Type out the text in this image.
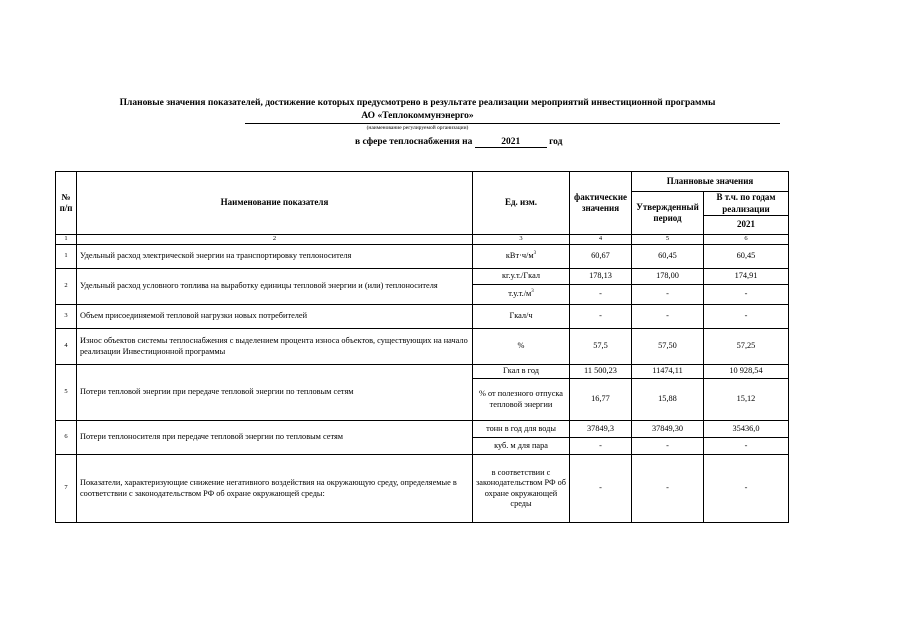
Плановые значения показателей, достижение которых предусмотрено в результате реализации мероприятий инвестиционной программы
АО «Теплокоммунэнерго»
(наименование регулируемой организации)
в сфере теплоснабжения на	2021	год
№ п/п	Наименование показателя	Ед. изм.	фактические значения	Планновые значения	
				Утвержденный период	В т.ч. по годам реализации
					2021
1	2	3	4	5	6
1	Удельный расход электрической энергии на транспортировку теплоносителя	$кВт\cdot ч/м^3$	60,67	60,45	60,45
2	Удельный расход условного топлива на выработку единицы тепловой энергии и (или) теплоносителя	кг.у.т./Гкал	178,13	178,00	174,91
		$т.у.т./м^3$	-	-	-
3	Объем присоединяемой тепловой нагрузки новых потребителей	Гкал/ч	-	-	-
4	Износ объектов системы теплоснабжения с выделением процента износа объектов, существующих на начало реализации Инвестиционной программы	%	57,5	57,50	57,25
5	Потери тепловой энергии при передаче тепловой энергии по тепловым сетям	Гкал в год	11 500,23	11474,11	10 928,54
		% от полезного отпуска тепловой энергии	16,77	15,88	15,12
6	Потери теплоносителя при передаче тепловой энергии по тепловым сетям	тонн в год для воды	37849,3	37849,30	35436,0
		куб. м для пара	-	-	-
7	Показатели, характеризующие снижение негативного воздействия на окружающую среду, определяемые в соответствии с законодательством РФ об охране окружающей среды:	в соответствии с законодательством РФ об охране окружающей среды	-	-	-
